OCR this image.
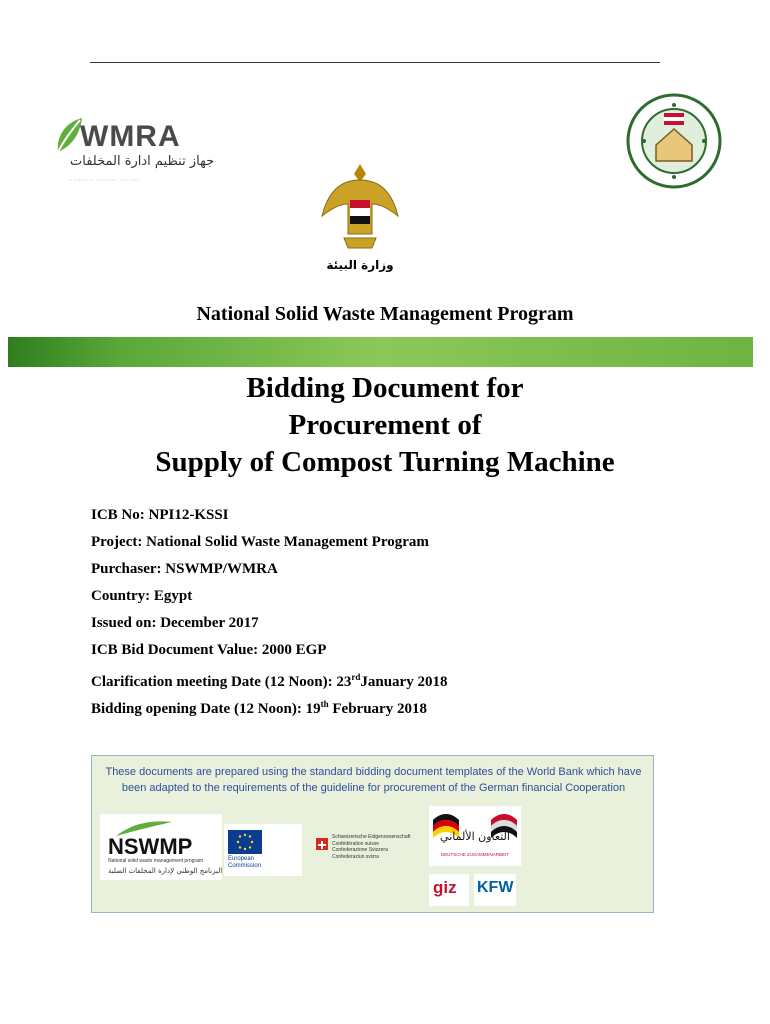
WMRA
جهاز تنظيم ادارة المخلفات
·········· ········ ········
وزارة البيئة
National Solid Waste Management Program
Bidding Document for
Procurement of
Supply of Compost Turning Machine
ICB No: NPI12-KSSI
Project: National Solid Waste Management Program
Purchaser: NSWMP/WMRA
Country: Egypt
Issued on: December 2017
ICB Bid Document Value: 2000 EGP
Clarification meeting Date (12 Noon): 23rdJanuary 2018
Bidding opening Date (12 Noon): 19th February 2018
These documents are prepared using the standard bidding document templates of the World Bank which have
been adapted to the requirements of the guideline for procurement of the German financial Cooperation
NSWMP
National solid waste management program
البرنامج الوطني لإدارة المخلفات الصلبة
European
Commission
Schweizerische Eidgenossenschaft
Confédération suisse
Confederazione Svizzera
Confederaziun svizra
التعاون الألماني
DEUTSCHE ZUSAMMENARBEIT
giz KFW
